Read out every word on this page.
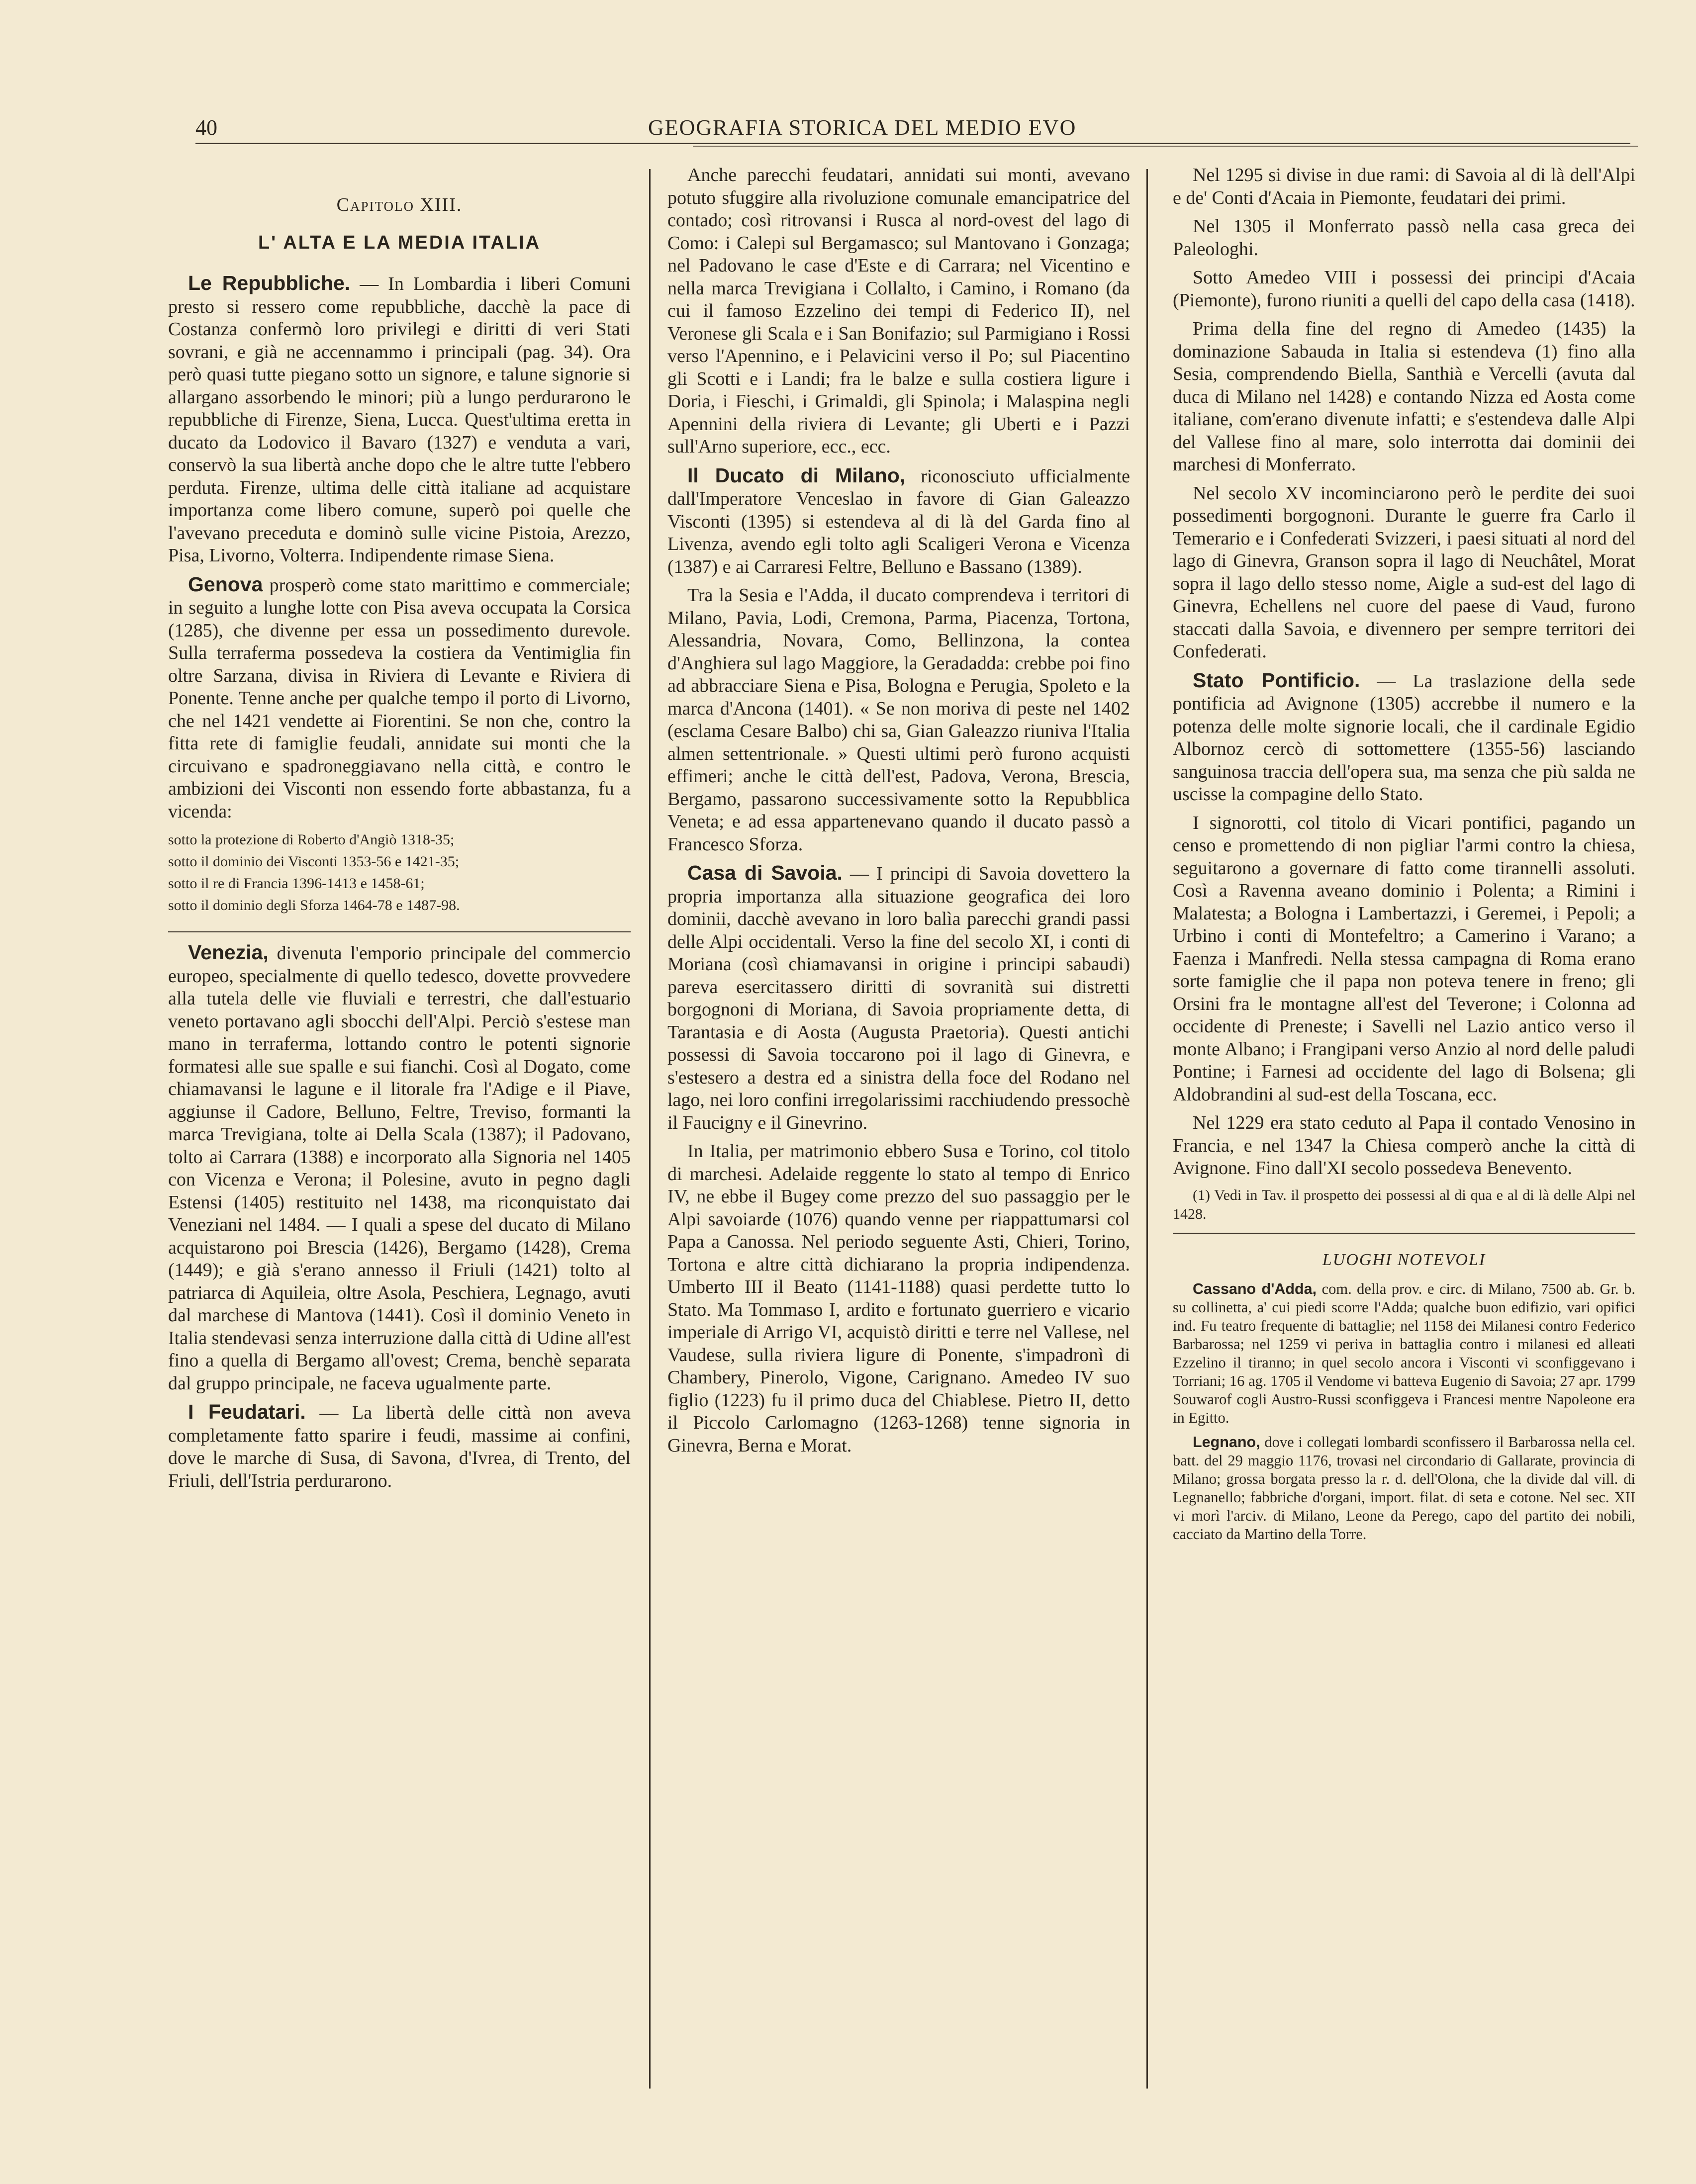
40	GEOGRAFIA STORICA DEL MEDIO EVO
Capitolo XIII.
L' ALTA E LA MEDIA ITALIA

Le Repubbliche. — In Lombardia i liberi Comuni presto si ressero come repubbliche, dacchè la pace di Costanza confermò loro privilegi e diritti di veri Stati sovrani, e già ne accennammo i principali (pag. 34). Ora però quasi tutte piegano sotto un signore, e talune signorie si allargano assorbendo le minori; più a lungo perdurarono le repubbliche di Firenze, Siena, Lucca. Quest'ultima eretta in ducato da Lodovico il Bavaro (1327) e venduta a vari, conservò la sua libertà anche dopo che le altre tutte l'ebbero perduta. Firenze, ultima delle città italiane ad acquistare importanza come libero comune, superò poi quelle che l'avevano preceduta e dominò sulle vicine Pistoia, Arezzo, Pisa, Livorno, Volterra. Indipendente rimase Siena.

Genova prosperò come stato marittimo e commerciale; in seguito a lunghe lotte con Pisa aveva occupata la Corsica (1285), che divenne per essa un possedimento durevole. Sulla terraferma possedeva la costiera da Ventimiglia fin oltre Sarzana, divisa in Riviera di Levante e Riviera di Ponente. Tenne anche per qualche tempo il porto di Livorno, che nel 1421 vendette ai Fiorentini. Se non che, contro la fitta rete di famiglie feudali, annidate sui monti che la circuivano e spadroneggiavano nella città, e contro le ambizioni dei Visconti non essendo forte abbastanza, fu a vicenda:

sotto la protezione di Roberto d'Angiò 1318-35;
sotto il dominio dei Visconti 1353-56 e 1421-35;
sotto il re di Francia 1396-1413 e 1458-61;
sotto il dominio degli Sforza 1464-78 e 1487-98.

Venezia, divenuta l'emporio principale del commercio europeo, specialmente di quello tedesco, dovette provvedere alla tutela delle vie fluviali e terrestri, che dall'estuario veneto portavano agli sbocchi dell'Alpi. Perciò s'estese man mano in terraferma, lottando contro le potenti signorie formatesi alle sue spalle e sui fianchi. Così al Dogato, come chiamavansi le lagune e il litorale fra l'Adige e il Piave, aggiunse il Cadore, Belluno, Feltre, Treviso, formanti la marca Trevigiana, tolte ai Della Scala (1387); il Padovano, tolto ai Carrara (1388) e incorporato alla Signoria nel 1405 con Vicenza e Verona; il Polesine, avuto in pegno dagli Estensi (1405) restituito nel 1438, ma riconquistato dai Veneziani nel 1484. — I quali a spese del ducato di Milano acquistarono poi Brescia (1426), Bergamo (1428), Crema (1449); e già s'erano annesso il Friuli (1421) tolto al patriarca di Aquileia, oltre Asola, Peschiera, Legnago, avuti dal marchese di Mantova (1441). Così il dominio Veneto in Italia stendevasi senza interruzione dalla città di Udine all'est fino a quella di Bergamo all'ovest; Crema, benchè separata dal gruppo principale, ne faceva ugualmente parte.

I Feudatari. — La libertà delle città non aveva completamente fatto sparire i feudi, massime ai confini, dove le marche di Susa, di Savona, d'Ivrea, di Trento, del Friuli, dell'Istria perdurarono.

Anche parecchi feudatari, annidati sui monti, avevano potuto sfuggire alla rivoluzione comunale emancipatrice del contado; così ritrovansi i Rusca al nord-ovest del lago di Como: i Calepi sul Bergamasco; sul Mantovano i Gonzaga; nel Padovano le case d'Este e di Carrara; nel Vicentino e nella marca Trevigiana i Collalto, i Camino, i Romano (da cui il famoso Ezzelino dei tempi di Federico II), nel Veronese gli Scala e i San Bonifazio; sul Parmigiano i Rossi verso l'Apennino, e i Pelavicini verso il Po; sul Piacentino gli Scotti e i Landi; fra le balze e sulla costiera ligure i Doria, i Fieschi, i Grimaldi, gli Spinola; i Malaspina negli Apennini della riviera di Levante; gli Uberti e i Pazzi sull'Arno superiore, ecc., ecc.

Il Ducato di Milano, riconosciuto ufficialmente dall'Imperatore Venceslao in favore di Gian Galeazzo Visconti (1395) si estendeva al di là del Garda fino al Livenza, avendo egli tolto agli Scaligeri Verona e Vicenza (1387) e ai Carraresi Feltre, Belluno e Bassano (1389).

Tra la Sesia e l'Adda, il ducato comprendeva i territori di Milano, Pavia, Lodi, Cremona, Parma, Piacenza, Tortona, Alessandria, Novara, Como, Bellinzona, la contea d'Anghiera sul lago Maggiore, la Geradadda: crebbe poi fino ad abbracciare Siena e Pisa, Bologna e Perugia, Spoleto e la marca d'Ancona (1401). « Se non moriva di peste nel 1402 (esclama Cesare Balbo) chi sa, Gian Galeazzo riuniva l'Italia almen settentrionale. » Questi ultimi però furono acquisti effimeri; anche le città dell'est, Padova, Verona, Brescia, Bergamo, passarono successivamente sotto la Repubblica Veneta; e ad essa appartenevano quando il ducato passò a Francesco Sforza.

Casa di Savoia. — I principi di Savoia dovettero la propria importanza alla situazione geografica dei loro dominii, dacchè avevano in loro balìa parecchi grandi passi delle Alpi occidentali. Verso la fine del secolo XI, i conti di Moriana (così chiamavansi in origine i principi sabaudi) pareva esercitassero diritti di sovranità sui distretti borgognoni di Moriana, di Savoia propriamente detta, di Tarantasia e di Aosta (Augusta Praetoria). Questi antichi possessi di Savoia toccarono poi il lago di Ginevra, e s'estesero a destra ed a sinistra della foce del Rodano nel lago, nei loro confini irregolarissimi racchiudendo pressochè il Faucigny e il Ginevrino.

In Italia, per matrimonio ebbero Susa e Torino, col titolo di marchesi. Adelaide reggente lo stato al tempo di Enrico IV, ne ebbe il Bugey come prezzo del suo passaggio per le Alpi savoiarde (1076) quando venne per riappattumarsi col Papa a Canossa. Nel periodo seguente Asti, Chieri, Torino, Tortona e altre città dichiarano la propria indipendenza. Umberto III il Beato (1141-1188) quasi perdette tutto lo Stato. Ma Tommaso I, ardito e fortunato guerriero e vicario imperiale di Arrigo VI, acquistò diritti e terre nel Vallese, nel Vaudese, sulla riviera ligure di Ponente, s'impadronì di Chambery, Pinerolo, Vigone, Carignano. Amedeo IV suo figlio (1223) fu il primo duca del Chiablese. Pietro II, detto il Piccolo Carlomagno (1263-1268) tenne signoria in Ginevra, Berna e Morat.

Nel 1295 si divise in due rami: di Savoia al di là dell'Alpi e de' Conti d'Acaia in Piemonte, feudatari dei primi.

Nel 1305 il Monferrato passò nella casa greca dei Paleologhi.

Sotto Amedeo VIII i possessi dei principi d'Acaia (Piemonte), furono riuniti a quelli del capo della casa (1418).

Prima della fine del regno di Amedeo (1435) la dominazione Sabauda in Italia si estendeva (1) fino alla Sesia, comprendendo Biella, Santhià e Vercelli (avuta dal duca di Milano nel 1428) e contando Nizza ed Aosta come italiane, com'erano divenute infatti; e s'estendeva dalle Alpi del Vallese fino al mare, solo interrotta dai dominii dei marchesi di Monferrato.

Nel secolo XV incominciarono però le perdite dei suoi possedimenti borgognoni. Durante le guerre fra Carlo il Temerario e i Confederati Svizzeri, i paesi situati al nord del lago di Ginevra, Granson sopra il lago di Neuchâtel, Morat sopra il lago dello stesso nome, Aigle a sud-est del lago di Ginevra, Echellens nel cuore del paese di Vaud, furono staccati dalla Savoia, e divennero per sempre territori dei Confederati.

Stato Pontificio. — La traslazione della sede pontificia ad Avignone (1305) accrebbe il numero e la potenza delle molte signorie locali, che il cardinale Egidio Albornoz cercò di sottomettere (1355-56) lasciando sanguinosa traccia dell'opera sua, ma senza che più salda ne uscisse la compagine dello Stato.

I signorotti, col titolo di Vicari pontifici, pagando un censo e promettendo di non pigliar l'armi contro la chiesa, seguitarono a governare di fatto come tirannelli assoluti. Così a Ravenna aveano dominio i Polenta; a Rimini i Malatesta; a Bologna i Lambertazzi, i Geremei, i Pepoli; a Urbino i conti di Montefeltro; a Camerino i Varano; a Faenza i Manfredi. Nella stessa campagna di Roma erano sorte famiglie che il papa non poteva tenere in freno; gli Orsini fra le montagne all'est del Teverone; i Colonna ad occidente di Preneste; i Savelli nel Lazio antico verso il monte Albano; i Frangipani verso Anzio al nord delle paludi Pontine; i Farnesi ad occidente del lago di Bolsena; gli Aldobrandini al sud-est della Toscana, ecc.

Nel 1229 era stato ceduto al Papa il contado Venosino in Francia, e nel 1347 la Chiesa comperò anche la città di Avignone. Fino dall'XI secolo possedeva Benevento.

(1) Vedi in Tav. il prospetto dei possessi al di qua e al di là delle Alpi nel 1428.

LUOGHI NOTEVOLI

Cassano d'Adda, com. della prov. e circ. di Milano, 7500 ab. Gr. b. su collinetta, a' cui piedi scorre l'Adda; qualche buon edifizio, vari opifici ind. Fu teatro frequente di battaglie; nel 1158 dei Milanesi contro Federico Barbarossa; nel 1259 vi periva in battaglia contro i milanesi ed alleati Ezzelino il tiranno; in quel secolo ancora i Visconti vi sconfiggevano i Torriani; 16 ag. 1705 il Vendome vi batteva Eugenio di Savoia; 27 apr. 1799 Souwarof cogli Austro-Russi sconfiggeva i Francesi mentre Napoleone era in Egitto.

Legnano, dove i collegati lombardi sconfissero il Barbarossa nella cel. batt. del 29 maggio 1176, trovasi nel circondario di Gallarate, provincia di Milano; grossa borgata presso la r. d. dell'Olona, che la divide dal vill. di Legnanello; fabbriche d'organi, import. filat. di seta e cotone. Nel sec. XII vi morì l'arciv. di Milano, Leone da Perego, capo del partito dei nobili, cacciato da Martino della Torre.
